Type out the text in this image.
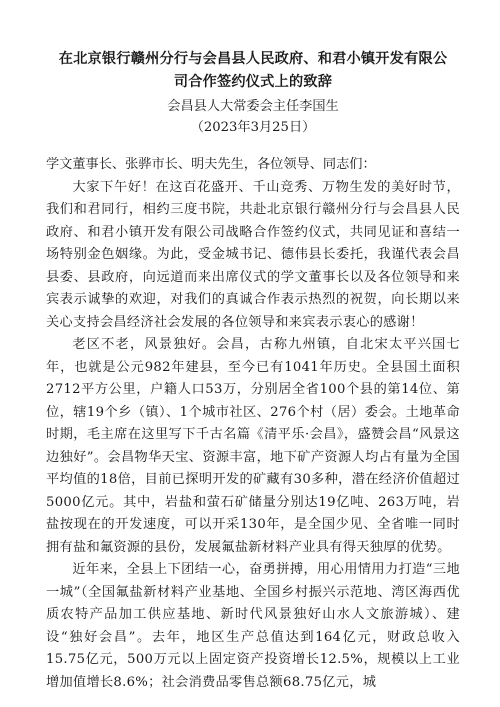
在北京银行赣州分行与会昌县人民政府、和君小镇开发有限公
司合作签约仪式上的致辞

会昌县人大常委会主任李国生

（2023年3月25日）

学文董事长、张骅市长、明夫先生，各位领导、同志们：

大家下午好！在这百花盛开、千山竞秀、万物生发的美好时节，我们和君同行，相约三度书院，共赴北京银行赣州分行与会昌县人民政府、和君小镇开发有限公司战略合作签约仪式，共同见证和喜结一场特别金色姻缘。为此，受金城书记、德伟县长委托，我谨代表会昌县委、县政府，向远道而来出席仪式的学文董事长以及各位领导和来宾表示诚挚的欢迎，对我们的真诚合作表示热烈的祝贺，向长期以来关心支持会昌经济社会发展的各位领导和来宾表示衷心的感谢！

老区不老，风景独好。会昌，古称九州镇，自北宋太平兴国七年，也就是公元982年建县，至今已有1041年历史。全县国土面积2712平方公里，户籍人口53万，分别居全省100个县的第14位、第位，辖19个乡（镇）、1个城市社区、276个村（居）委会。土地革命时期，毛主席在这里写下千古名篇《清平乐·会昌》，盛赞会昌“风景这边独好”。会昌物华天宝、资源丰富，地下矿产资源人均占有量为全国平均值的18倍，目前已探明开发的矿藏有30多种，潜在经济价值超过5000亿元。其中，岩盐和萤石矿储量分别达19亿吨、263万吨，岩盐按现在的开发速度，可以开采130年，是全国少见、全省唯一同时拥有盐和氟资源的县份，发展氟盐新材料产业具有得天独厚的优势。

近年来，全县上下团结一心，奋勇拼搏，用心用情用力打造“三地一城”（全国氟盐新材料产业基地、全国乡村振兴示范地、湾区海西优质农特产品加工供应基地、新时代风景独好山水人文旅游城）、建设“独好会昌”。去年，地区生产总值达到164亿元，财政总收入15.75亿元，500万元以上固定资产投资增长12.5%，规模以上工业增加值增长8.6%；社会消费品零售总额68.75亿元，城
